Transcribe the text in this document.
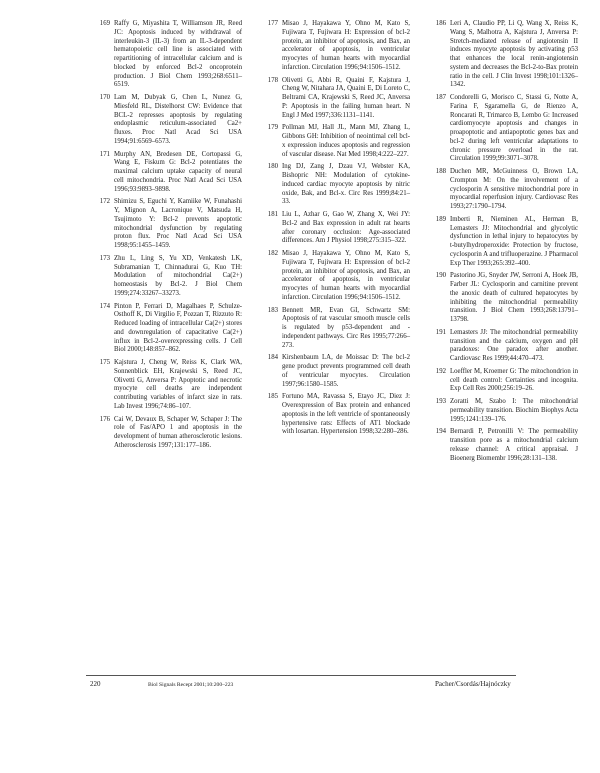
169 Raffy G, Miyashita T, Williamson JR, Reed JC: Apoptosis induced by withdrawal of interleukin-3 (IL-3) from an IL-3-dependent hematopoietic cell line is associated with repartitioning of intracellular calcium and is blocked by enforced Bcl-2 oncoprotein production. J Biol Chem 1993;268:6511–6519.
170 Lam M, Dubyak G, Chen L, Nunez G, Miesfeld RL, Distelhorst CW: Evidence that BCL-2 represses apoptosis by regulating endoplasmic reticulum-associated Ca2+ fluxes. Proc Natl Acad Sci USA 1994;91:6569–6573.
171 Murphy AN, Bredesen DE, Cortopassi G, Wang E, Fiskum G: Bcl-2 potentiates the maximal calcium uptake capacity of neural cell mitochondria. Proc Natl Acad Sci USA 1996;93:9893–9898.
172 Shimizu S, Eguchi Y, Kamiike W, Funahashi Y, Mignon A, Lacronique V, Matsuda H, Tsujimoto Y: Bcl-2 prevents apoptotic mitochondrial dysfunction by regulating proton flux. Proc Natl Acad Sci USA 1998;95:1455–1459.
173 Zhu L, Ling S, Yu XD, Venkatesh LK, Subramanian T, Chinnadurai G, Kuo TH: Modulation of mitochondrial Ca(2+) homeostasis by Bcl-2. J Biol Chem 1999;274:33267–33273.
174 Pinton P, Ferrari D, Magalhaes P, Schulze-Osthoff K, Di Virgilio F, Pozzan T, Rizzuto R: Reduced loading of intracellular Ca(2+) stores and downregulation of capacitative Ca(2+) influx in Bcl-2-overexpressing cells. J Cell Biol 2000;148:857–862.
175 Kajstura J, Cheng W, Reiss K, Clark WA, Sonnenblick EH, Krajewski S, Reed JC, Olivetti G, Anversa P: Apoptotic and necrotic myocyte cell deaths are independent contributing variables of infarct size in rats. Lab Invest 1996;74:86–107.
176 Cai W, Devaux B, Schaper W, Schaper J: The role of Fas/APO 1 and apoptosis in the development of human atherosclerotic lesions. Atherosclerosis 1997;131:177–186.
177 Misao J, Hayakawa Y, Ohno M, Kato S, Fujiwara T, Fujiwara H: Expression of bcl-2 protein, an inhibitor of apoptosis, and Bax, an accelerator of apoptosis, in ventricular myocytes of human hearts with myocardial infarction. Circulation 1996;94:1506–1512.
178 Olivetti G, Abbi R, Quaini F, Kajstura J, Cheng W, Nitahara JA, Quaini E, Di Loreto C, Beltrami CA, Krajewski S, Reed JC, Anversa P: Apoptosis in the failing human heart. N Engl J Med 1997;336:1131–1141.
179 Pollman MJ, Hall JL, Mann MJ, Zhang L, Gibbons GH: Inhibition of neointimal cell bcl-x expression induces apoptosis and regression of vascular disease. Nat Med 1998;4:222–227.
180 Ing DJ, Zang J, Dzau VJ, Webster KA, Bishopric NH: Modulation of cytokine-induced cardiac myocyte apoptosis by nitric oxide, Bak, and Bcl-x. Circ Res 1999;84:21–33.
181 Liu L, Azhar G, Gao W, Zhang X, Wei JY: Bcl-2 and Bax expression in adult rat hearts after coronary occlusion: Age-associated differences. Am J Physiol 1998;275:315–322.
182 Misao J, Hayakawa Y, Ohno M, Kato S, Fujiwara T, Fujiwara H: Expression of bcl-2 protein, an inhibitor of apoptosis, and Bax, an accelerator of apoptosis, in ventricular myocytes of human hearts with myocardial infarction. Circulation 1996;94:1506–1512.
183 Bennett MR, Evan GI, Schwartz SM: Apoptosis of rat vascular smooth muscle cells is regulated by p53-dependent and -independent pathways. Circ Res 1995;77:266–273.
184 Kirshenbaum LA, de Moissac D: The bcl-2 gene product prevents programmed cell death of ventricular myocytes. Circulation 1997;96:1580–1585.
185 Fortuno MA, Ravassa S, Etayo JC, Diez J: Overexpression of Bax protein and enhanced apoptosis in the left ventricle of spontaneously hypertensive rats: Effects of AT1 blockade with losartan. Hypertension 1998;32:280–286.
186 Leri A, Claudio PP, Li Q, Wang X, Reiss K, Wang S, Malhotra A, Kajstura J, Anversa P: Stretch-mediated release of angiotensin II induces myocyte apoptosis by activating p53 that enhances the local renin-angiotensin system and decreases the Bcl-2-to-Bax protein ratio in the cell. J Clin Invest 1998;101:1326–1342.
187 Condorelli G, Morisco C, Stassi G, Notte A, Farina F, Sgaramella G, de Rienzo A, Roncarati R, Trimarco B, Lembo G: Increased cardiomyocyte apoptosis and changes in proapoptotic and antiapoptotic genes bax and bcl-2 during left ventricular adaptations to chronic pressure overload in the rat. Circulation 1999;99:3071–3078.
188 Duchen MR, McGuinness O, Brown LA, Crompton M: On the involvement of a cyclosporin A sensitive mitochondrial pore in myocardial reperfusion injury. Cardiovasc Res 1993;27:1790–1794.
189 Imberti R, Nieminen AL, Herman B, Lemasters JJ: Mitochondrial and glycolytic dysfunction in lethal injury to hepatocytes by t-butylhydroperoxide: Protection by fructose, cyclosporin A and trifluoperazine. J Pharmacol Exp Ther 1993;265:392–400.
190 Pastorino JG, Snyder JW, Serroni A, Hoek JB, Farber JL: Cyclosporin and carnitine prevent the anoxic death of cultured hepatocytes by inhibiting the mitochondrial permeability transition. J Biol Chem 1993;268:13791–13798.
191 Lemasters JJ: The mitochondrial permeability transition and the calcium, oxygen and pH paradoxes: One paradox after another. Cardiovasc Res 1999;44:470–473.
192 Loeffler M, Kroemer G: The mitochondrion in cell death control: Certainties and incognita. Exp Cell Res 2000;256:19–26.
193 Zoratti M, Szabo I: The mitochondrial permeability transition. Biochim Biophys Acta 1995;1241:139–176.
194 Bernardi P, Petronilli V: The permeability transition pore as a mitochondrial calcium release channel: A critical appraisal. J Bioenerg Biomembr 1996;28:131–138.
220	Biol Signals Recept 2001;10:200–223	Pacher/Csordás/Hajnóczky
